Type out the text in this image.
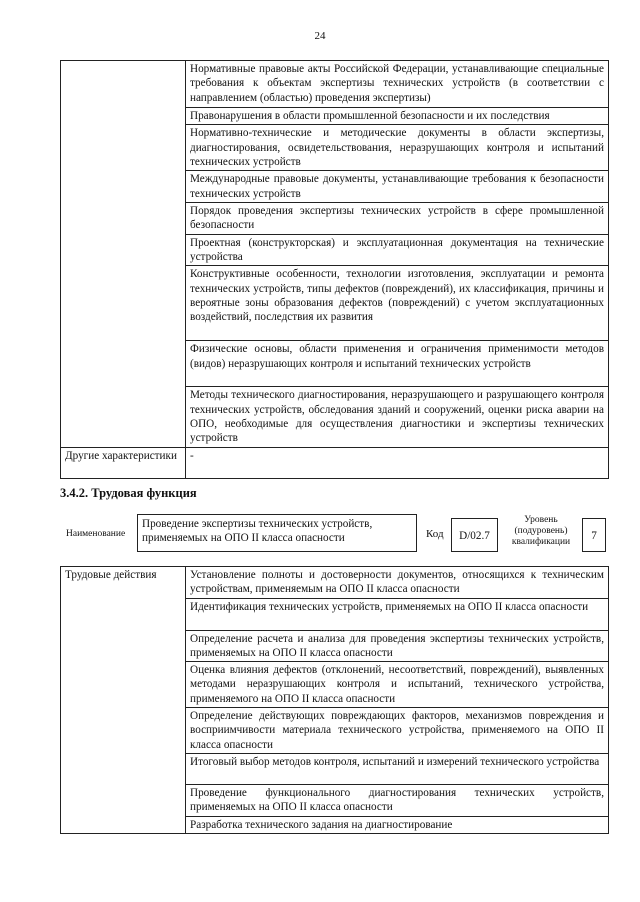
24
	Нормативные правовые акты Российской Федерации, устанавливающие специальные требования к объектам экспертизы технических устройств (в соответствии с направлением (областью) проведения экспертизы)
	Правонарушения в области промышленной безопасности и их последствия
	Нормативно-технические и методические документы в области экспертизы, диагностирования, освидетельствования, неразрушающих контроля и испытаний технических устройств
	Международные правовые документы, устанавливающие требования к безопасности технических устройств
	Порядок проведения экспертизы технических устройств в сфере промышленной безопасности
	Проектная (конструкторская) и эксплуатационная документация на технические устройства
	Конструктивные особенности, технологии изготовления, эксплуатации и ремонта технических устройств, типы дефектов (повреждений), их классификация, причины и вероятные зоны образования дефектов (повреждений) с учетом эксплуатационных воздействий, последствия их развития
	Физические основы, области применения и ограничения применимости методов (видов) неразрушающих контроля и испытаний технических устройств
	Методы технического диагностирования, неразрушающего и разрушающего контроля технических устройств, обследования зданий и сооружений, оценки риска аварии на ОПО, необходимые для осуществления диагностики и экспертизы технических устройств
Другие характеристики	-
3.4.2. Трудовая функция
Наименование
Проведение экспертизы технических устройств, применяемых на ОПО II класса опасности	Код	D/02.7
Уровень (подуровень) квалификации	7
Трудовые действия	Установление полноты и достоверности документов, относящихся к техническим устройствам, применяемым на ОПО II класса опасности
Идентификация технических устройств, применяемых на ОПО II класса опасности
Определение расчета и анализа для проведения экспертизы технических устройств, применяемых на ОПО II класса опасности
Оценка влияния дефектов (отклонений, несоответствий, повреждений), выявленных методами неразрушающих контроля и испытаний, технического устройства, применяемого на ОПО II класса опасности
Определение действующих повреждающих факторов, механизмов повреждения и восприимчивости материала технического устройства, применяемого на ОПО II класса опасности
Итоговый выбор методов контроля, испытаний и измерений технического устройства
Проведение функционального диагностирования технических устройств, применяемых на ОПО II класса опасности
Разработка технического задания на диагностирование
